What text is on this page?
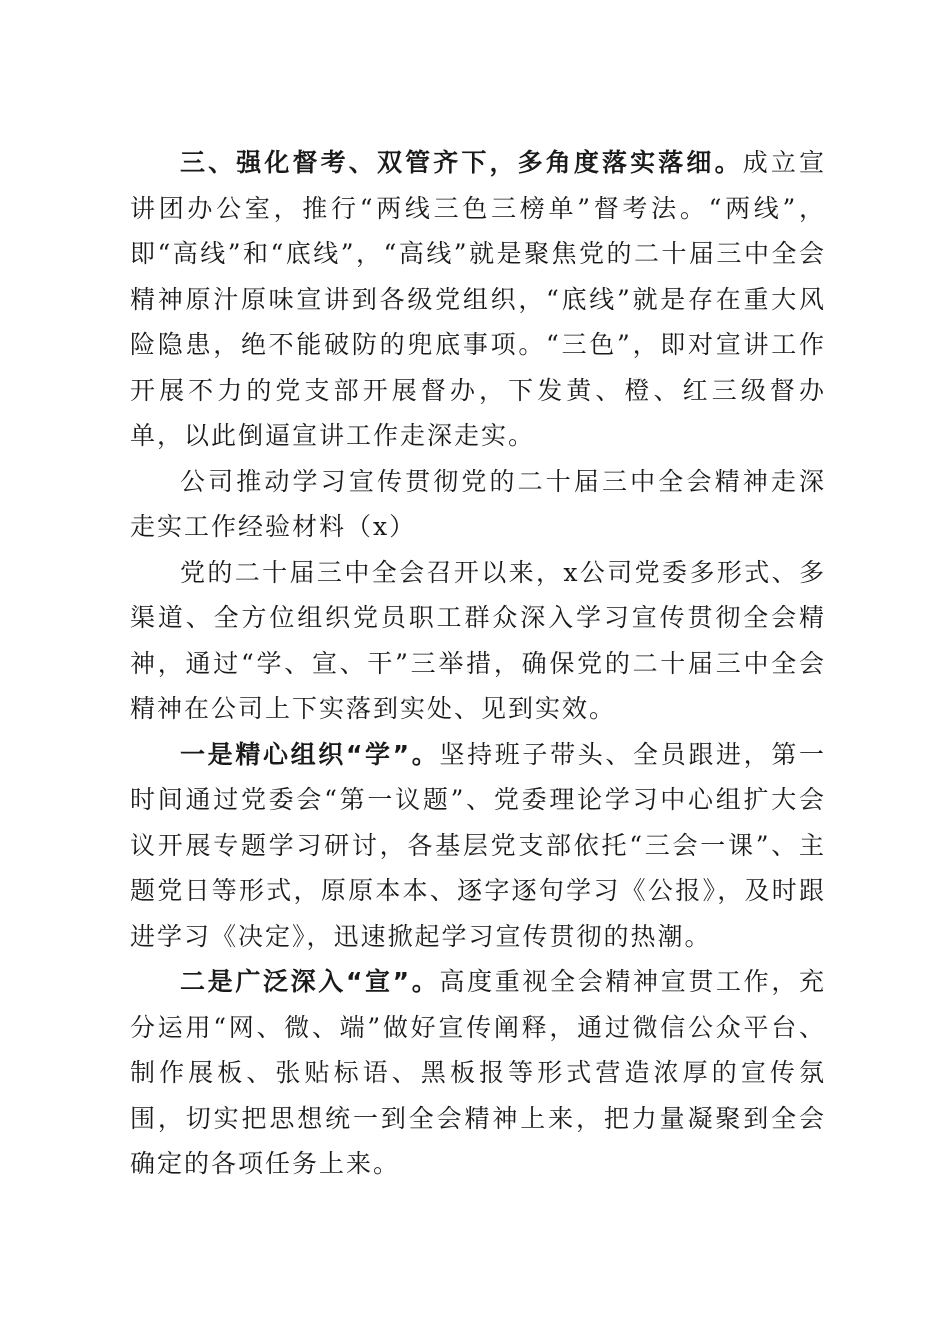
三、强化督考、双管齐下，多角度落实落细。成立宣讲团办公室，推行“两线三色三榜单”督考法。“两线”，即“高线”和“底线”，“高线”就是聚焦党的二十届三中全会精神原汁原味宣讲到各级党组织，“底线”就是存在重大风险隐患，绝不能破防的兜底事项。“三色”，即对宣讲工作开展不力的党支部开展督办，下发黄、橙、红三级督办单，以此倒逼宣讲工作走深走实。

公司推动学习宣传贯彻党的二十届三中全会精神走深走实工作经验材料（x）

党的二十届三中全会召开以来，x公司党委多形式、多渠道、全方位组织党员职工群众深入学习宣传贯彻全会精神，通过“学、宣、干”三举措，确保党的二十届三中全会精神在公司上下实落到实处、见到实效。

一是精心组织“学”。坚持班子带头、全员跟进，第一时间通过党委会“第一议题”、党委理论学习中心组扩大会议开展专题学习研讨，各基层党支部依托“三会一课”、主题党日等形式，原原本本、逐字逐句学习《公报》，及时跟进学习《决定》，迅速掀起学习宣传贯彻的热潮。

二是广泛深入“宣”。高度重视全会精神宣贯工作，充分运用“网、微、端”做好宣传阐释，通过微信公众平台、制作展板、张贴标语、黑板报等形式营造浓厚的宣传氛围，切实把思想统一到全会精神上来，把力量凝聚到全会确定的各项任务上来。
